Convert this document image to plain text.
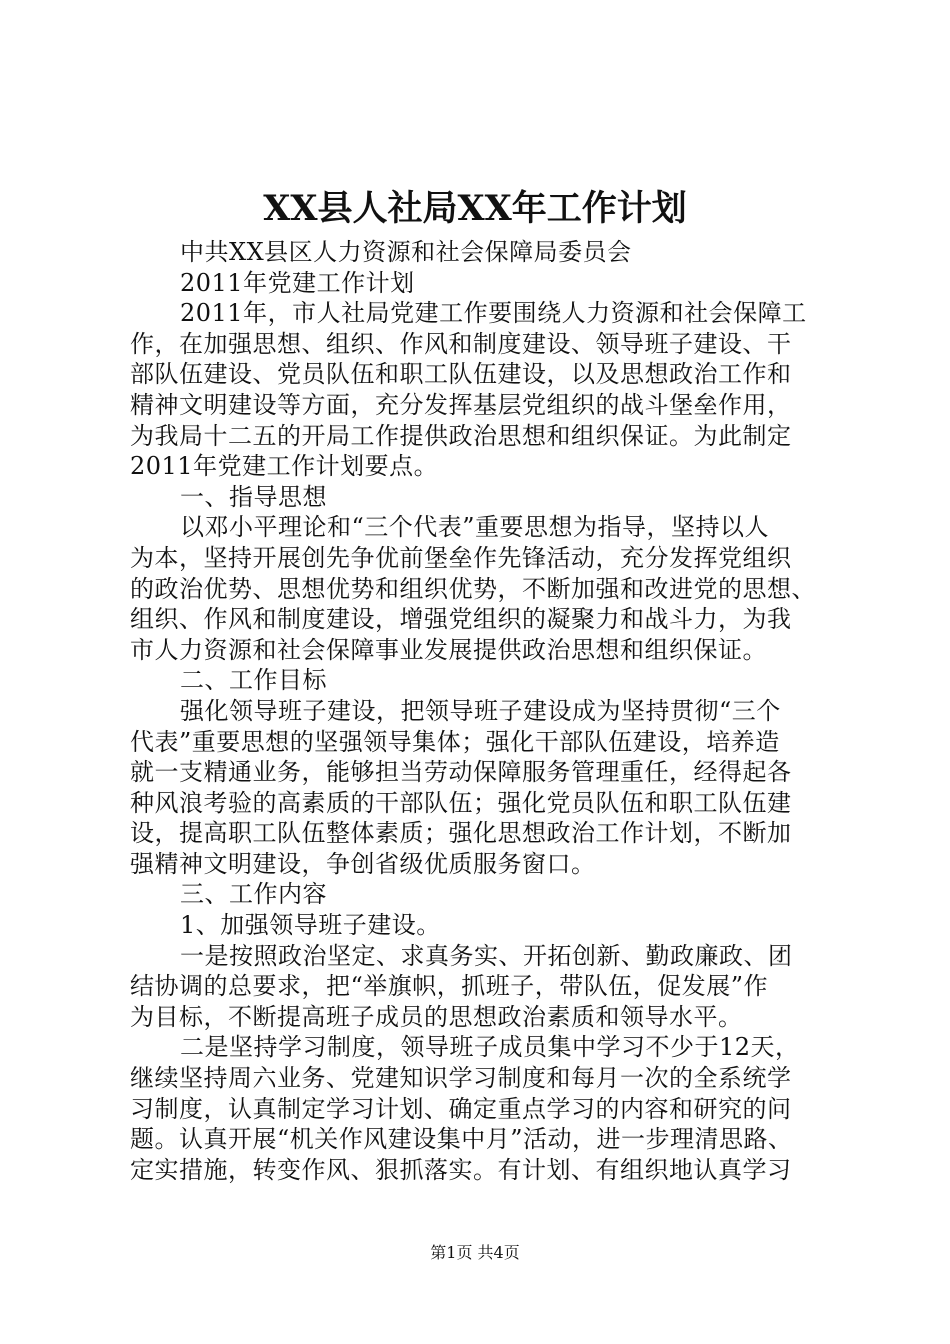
XX县人社局XX年工作计划
中共XX县区人力资源和社会保障局委员会
2011年党建工作计划
2011年，市人社局党建工作要围绕人力资源和社会保障工
作，在加强思想、组织、作风和制度建设、领导班子建设、干
部队伍建设、党员队伍和职工队伍建设，以及思想政治工作和
精神文明建设等方面，充分发挥基层党组织的战斗堡垒作用，
为我局十二五的开局工作提供政治思想和组织保证。为此制定
2011年党建工作计划要点。
一、指导思想
以邓小平理论和“三个代表”重要思想为指导，坚持以人
为本，坚持开展创先争优前堡垒作先锋活动，充分发挥党组织
的政治优势、思想优势和组织优势，不断加强和改进党的思想、
组织、作风和制度建设，增强党组织的凝聚力和战斗力，为我
市人力资源和社会保障事业发展提供政治思想和组织保证。
二、工作目标
强化领导班子建设，把领导班子建设成为坚持贯彻“三个
代表”重要思想的坚强领导集体；强化干部队伍建设，培养造
就一支精通业务，能够担当劳动保障服务管理重任，经得起各
种风浪考验的高素质的干部队伍；强化党员队伍和职工队伍建
设，提高职工队伍整体素质；强化思想政治工作计划，不断加
强精神文明建设，争创省级优质服务窗口。
三、工作内容
1、加强领导班子建设。
一是按照政治坚定、求真务实、开拓创新、勤政廉政、团
结协调的总要求，把“举旗帜，抓班子，带队伍，促发展”作
为目标，不断提高班子成员的思想政治素质和领导水平。
二是坚持学习制度，领导班子成员集中学习不少于12天，
继续坚持周六业务、党建知识学习制度和每月一次的全系统学
习制度，认真制定学习计划、确定重点学习的内容和研究的问
题。认真开展“机关作风建设集中月”活动，进一步理清思路、
定实措施，转变作风、狠抓落实。有计划、有组织地认真学习
第1页 共4页
